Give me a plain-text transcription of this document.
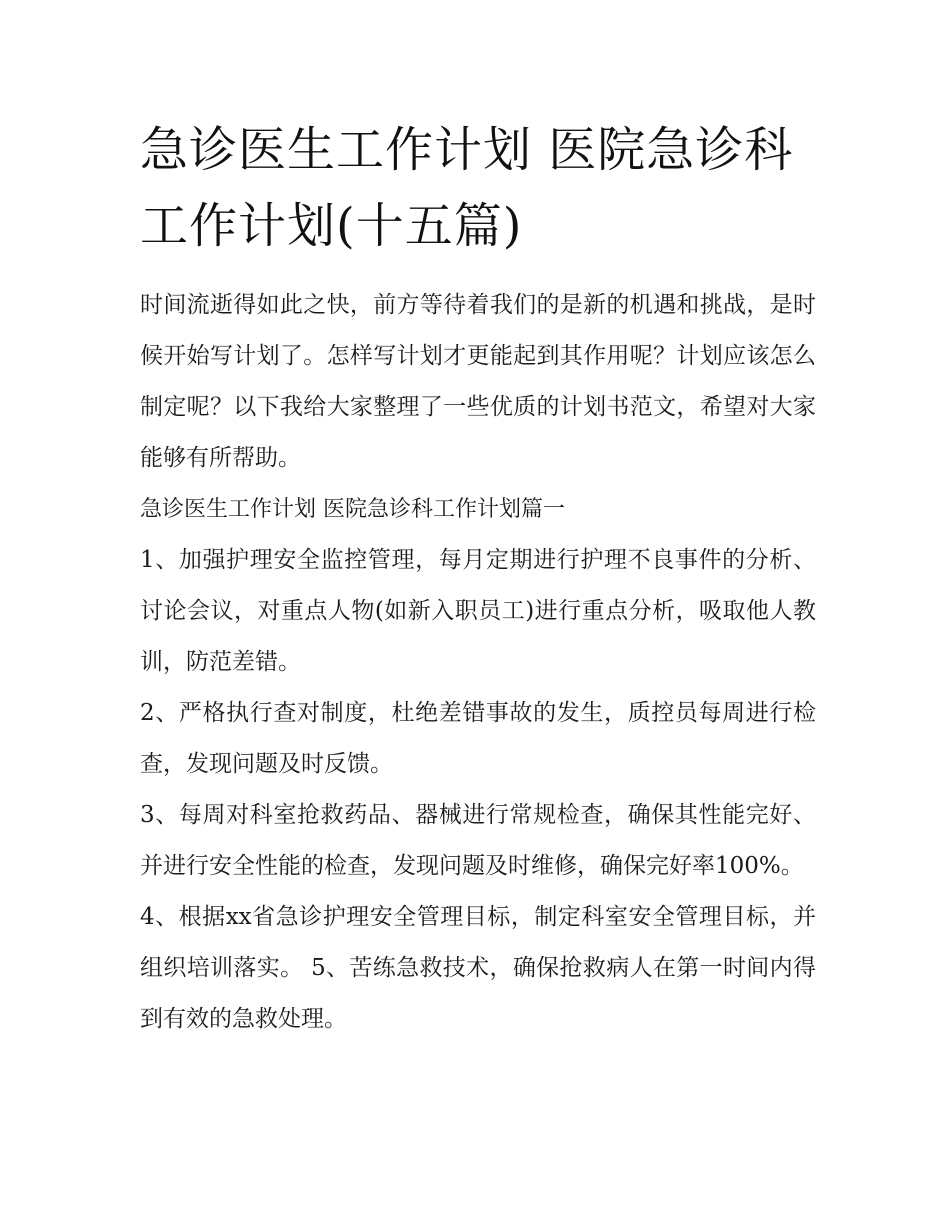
急诊医生工作计划 医院急诊科工作计划(十五篇)

时间流逝得如此之快，前方等待着我们的是新的机遇和挑战，是时候开始写计划了。怎样写计划才更能起到其作用呢？计划应该怎么制定呢？以下我给大家整理了一些优质的计划书范文，希望对大家能够有所帮助。

急诊医生工作计划 医院急诊科工作计划篇一

1、加强护理安全监控管理，每月定期进行护理不良事件的分析、讨论会议，对重点人物(如新入职员工)进行重点分析，吸取他人教训，防范差错。

2、严格执行查对制度，杜绝差错事故的发生，质控员每周进行检查，发现问题及时反馈。

3、每周对科室抢救药品、器械进行常规检查，确保其性能完好、并进行安全性能的检查，发现问题及时维修，确保完好率100%。

4、根据xx省急诊护理安全管理目标，制定科室安全管理目标，并组织培训落实。 5、苦练急救技术，确保抢救病人在第一时间内得到有效的急救处理。
